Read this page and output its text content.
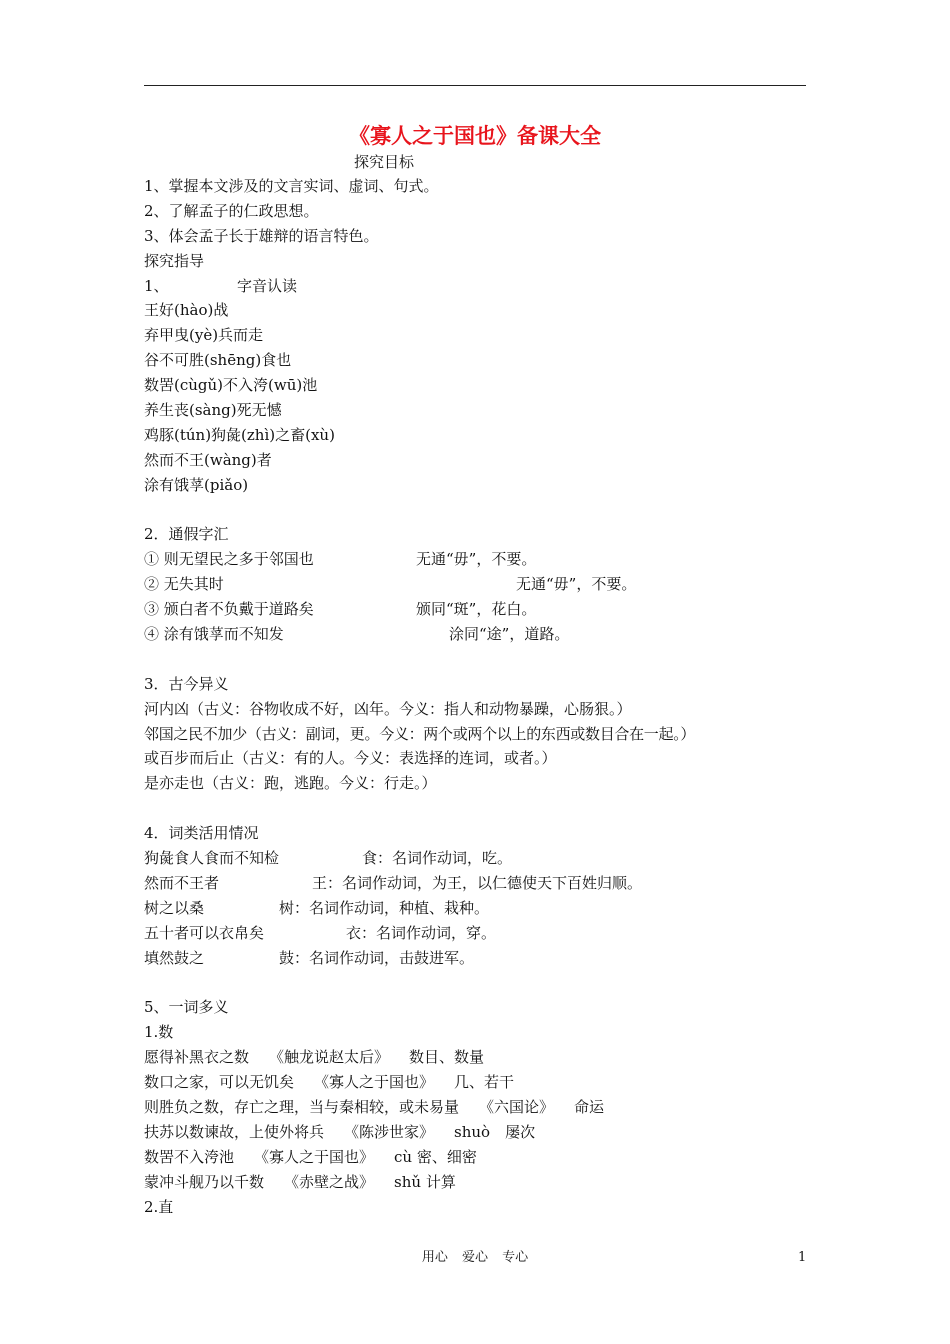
《寡人之于国也》备课大全
探究目标
1、掌握本文涉及的文言实词、虚词、句式。
2、了解孟子的仁政思想。
3、体会孟子长于雄辩的语言特色。
探究指导
1、	字音认读
王好(hào)战
弃甲曳(yè)兵而走
谷不可胜(shēng)食也
数罟(cùgǔ)不入洿(wū)池
养生丧(sàng)死无憾
鸡豚(tún)狗彘(zhì)之畜(xù)
然而不王(wàng)者
涂有饿莩(piǎo)
2．通假字汇
① 则无望民之多于邻国也	无通“毋”，不要。
② 无失其时	无通“毋”，不要。
③ 颁白者不负戴于道路矣	颁同“斑”，花白。
④ 涂有饿莩而不知发	涂同“途”，道路。
3．古今异义
河内凶（古义：谷物收成不好，凶年。今义：指人和动物暴躁，心肠狠。）
邻国之民不加少（古义：副词，更。今义：两个或两个以上的东西或数目合在一起。）
或百步而后止（古义：有的人。今义：表选择的连词，或者。）
是亦走也（古义：跑，逃跑。今义：行走。）
4．词类活用情况
狗彘食人食而不知检	食：名词作动词，吃。
然而不王者	王：名词作动词，为王，以仁德使天下百姓归顺。
树之以桑	树：名词作动词，种植、栽种。
五十者可以衣帛矣	衣：名词作动词，穿。
填然鼓之	鼓：名词作动词，击鼓进军。
5、一词多义
1.数
愿得补黑衣之数 《触龙说赵太后》 数目、数量
数口之家，可以无饥矣 《寡人之于国也》 几、若干
则胜负之数，存亡之理，当与秦相较，或未易量 《六国论》 命运
扶苏以数谏故，上使外将兵 《陈涉世家》 shuò　屡次
数罟不入洿池 《寡人之于国也》 cù 密、细密
蒙冲斗舰乃以千数 《赤壁之战》 shǔ 计算
2.直
用心 爱心 专心	1
